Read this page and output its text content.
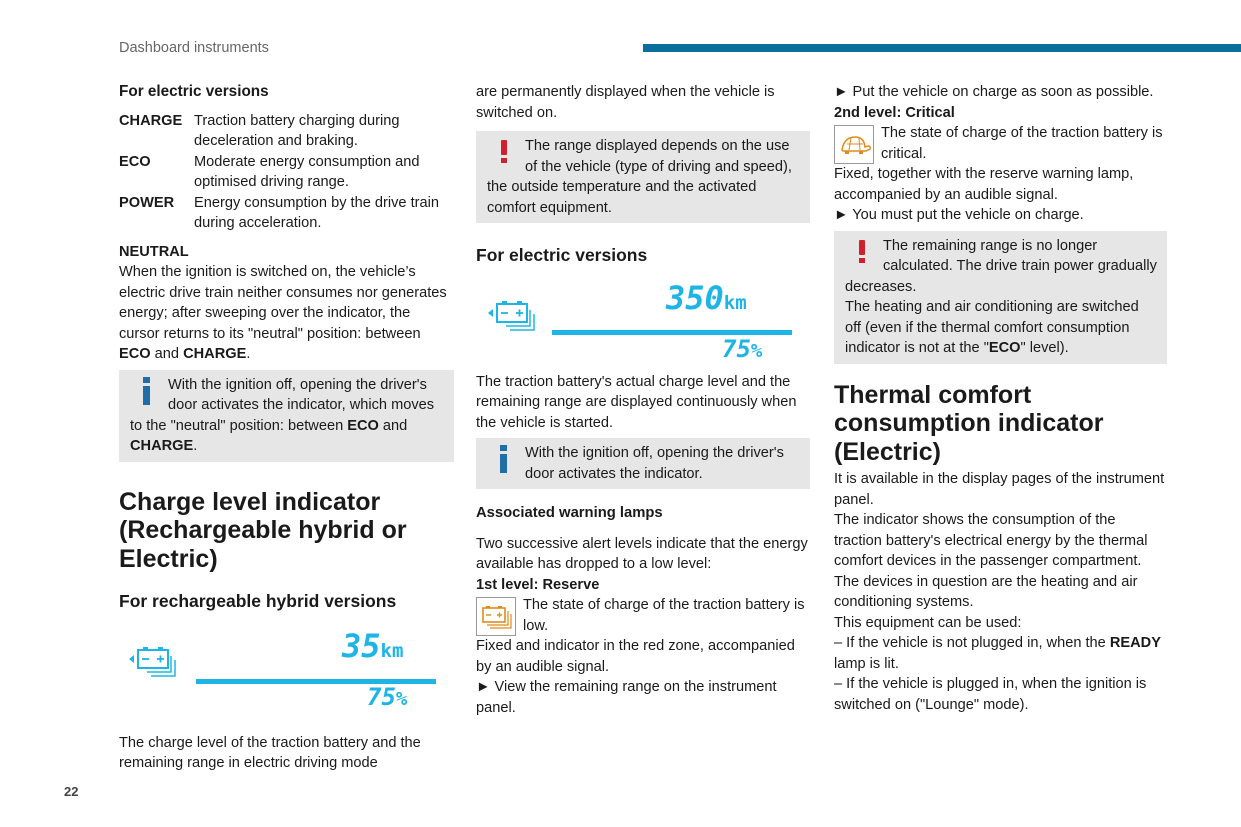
Dashboard instruments
22
For electric versions
CHARGE Traction battery charging during deceleration and braking.
ECO	Moderate energy consumption and optimised driving range.
POWER	Energy consumption by the drive train during acceleration.
NEUTRAL

When the ignition is switched on, the vehicle’s electric drive train neither consumes nor generates energy; after sweeping over the indicator, the cursor returns to its "neutral" position: between ECO and CHARGE.

With the ignition off, opening the driver's door activates the indicator, which moves to the "neutral" position: between ECO and CHARGE.
Charge level indicator (Rechargeable hybrid or Electric)
For rechargeable hybrid versions
35km
75%

The charge level of the traction battery and the remaining range in electric driving mode

are permanently displayed when the vehicle is switched on.

The range displayed depends on the use of the vehicle (type of driving and speed), the outside temperature and the activated comfort equipment.
For electric versions
350km
75%

The traction battery's actual charge level and the remaining range are displayed continuously when the vehicle is started.

With the ignition off, opening the driver's door activates the indicator.
Associated warning lamps

Two successive alert levels indicate that the energy available has dropped to a low level:

1st level: Reserve
The state of charge of the traction battery is low.

Fixed and indicator in the red zone, accompanied by an audible signal.

► View the remaining range on the instrument panel.

► Put the vehicle on charge as soon as possible.

2nd level: Critical
The state of charge of the traction battery is critical.

Fixed, together with the reserve warning lamp, accompanied by an audible signal.

► You must put the vehicle on charge.

The remaining range is no longer calculated. The drive train power gradually decreases.
The heating and air conditioning are switched off (even if the thermal comfort consumption indicator is not at the "ECO" level).
Thermal comfort consumption indicator (Electric)

It is available in the display pages of the instrument panel.

The indicator shows the consumption of the traction battery's electrical energy by the thermal comfort devices in the passenger compartment.

The devices in question are the heating and air conditioning systems.

This equipment can be used:

– If the vehicle is not plugged in, when the READY lamp is lit.

– If the vehicle is plugged in, when the ignition is switched on ("Lounge" mode).
